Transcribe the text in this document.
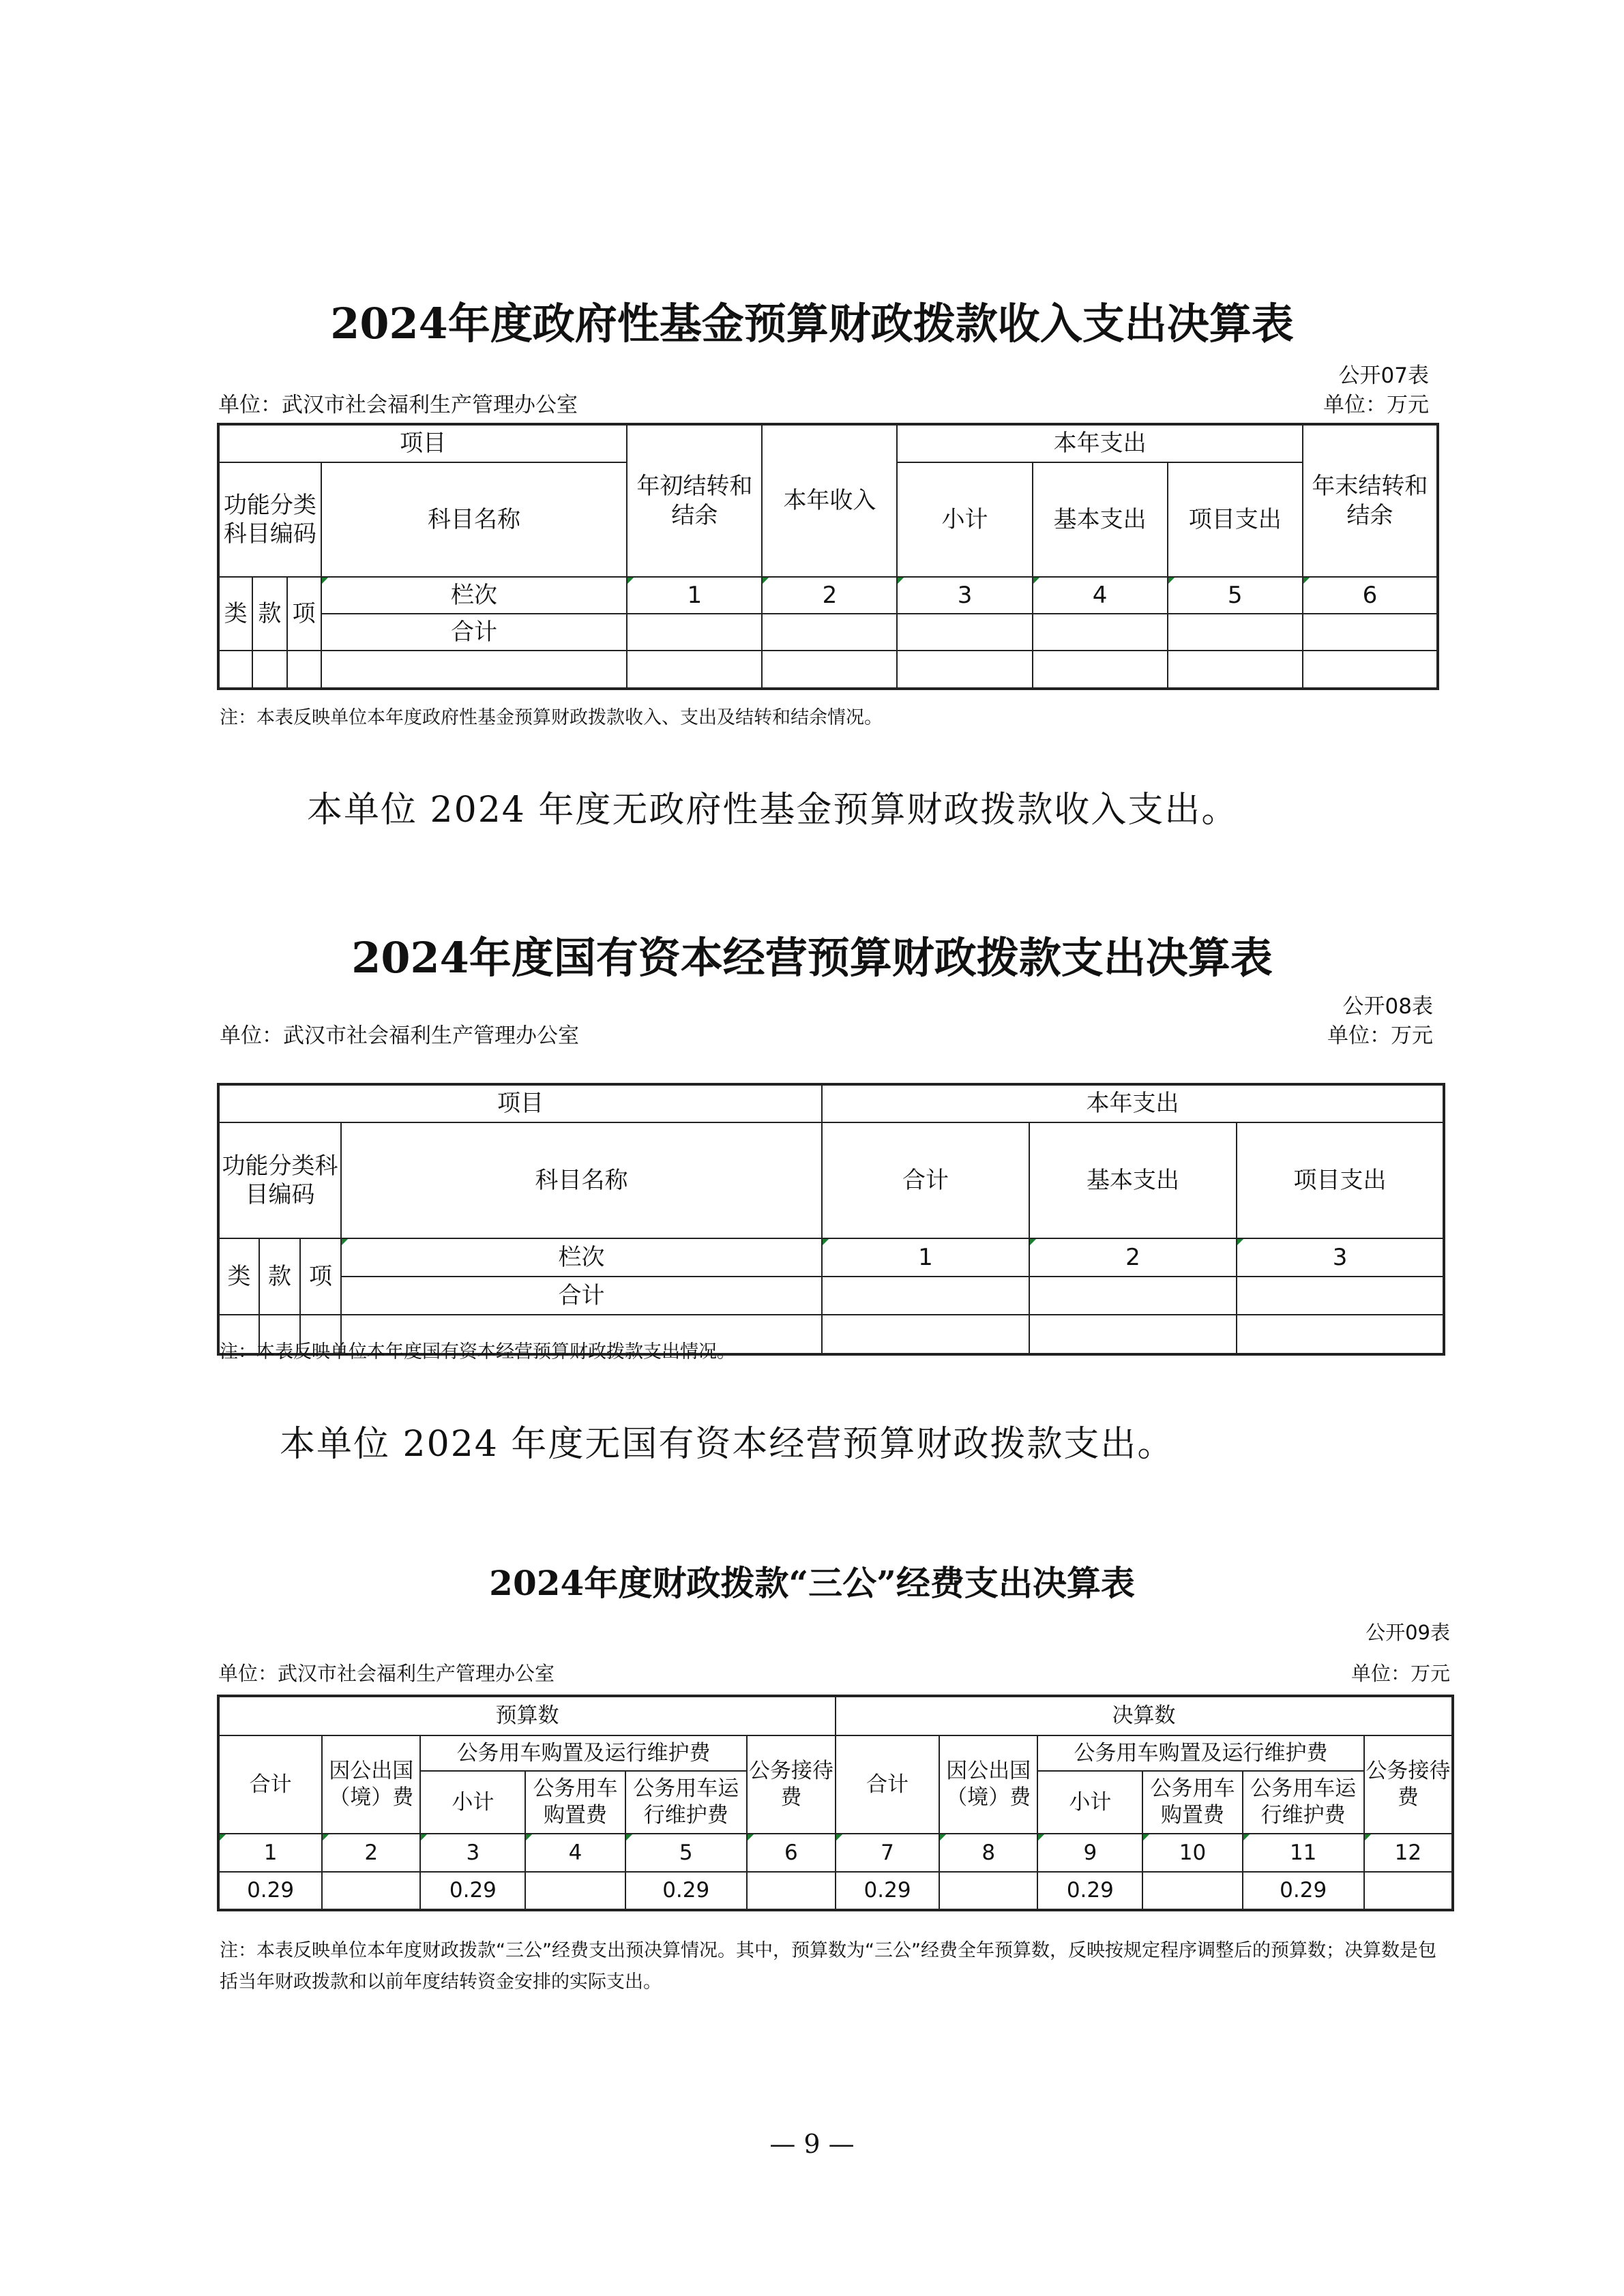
2024年度政府性基金预算财政拨款收入支出决算表
公开07表
单位：武汉市社会福利生产管理办公室	单位：万元
项目				年初结转和结余	本年收入	本年支出			年末结转和结余
功能分类科目编码			科目名称			小计	基本支出	项目支出	
类	款	项	栏次	1	2	3	4	5	6
			合计						

注：本表反映单位本年度政府性基金预算财政拨款收入、支出及结转和结余情况。
本单位 2024 年度无政府性基金预算财政拨款收入支出。
2024年度国有资本经营预算财政拨款支出决算表
公开08表
单位：武汉市社会福利生产管理办公室	单位：万元
项目				本年支出		
功能分类科目编码			科目名称	合计	基本支出	项目支出
类	款	项	栏次	1	2	3
			合计			

注：本表反映单位本年度国有资本经营预算财政拨款支出情况。
本单位 2024 年度无国有资本经营预算财政拨款支出。
2024年度财政拨款“三公”经费支出决算表
公开09表
单位：武汉市社会福利生产管理办公室	单位：万元
预算数						决算数					
合计	因公出国（境）费	公务用车购置及运行维护费			公务接待费	合计	因公出国（境）费	公务用车购置及运行维护费			公务接待费
		小计	公务用车购置费	公务用车运行维护费				小计	公务用车购置费	公务用车运行维护费	
1	2	3	4	5	6	7	8	9	10	11	12
0.29		0.29		0.29		0.29		0.29		0.29	
注：本表反映单位本年度财政拨款“三公”经费支出预决算情况。其中，预算数为“三公”经费全年预算数，反映按规定程序调整后的预算数；决算数是包括当年财政拨款和以前年度结转资金安排的实际支出。
— 9 —
